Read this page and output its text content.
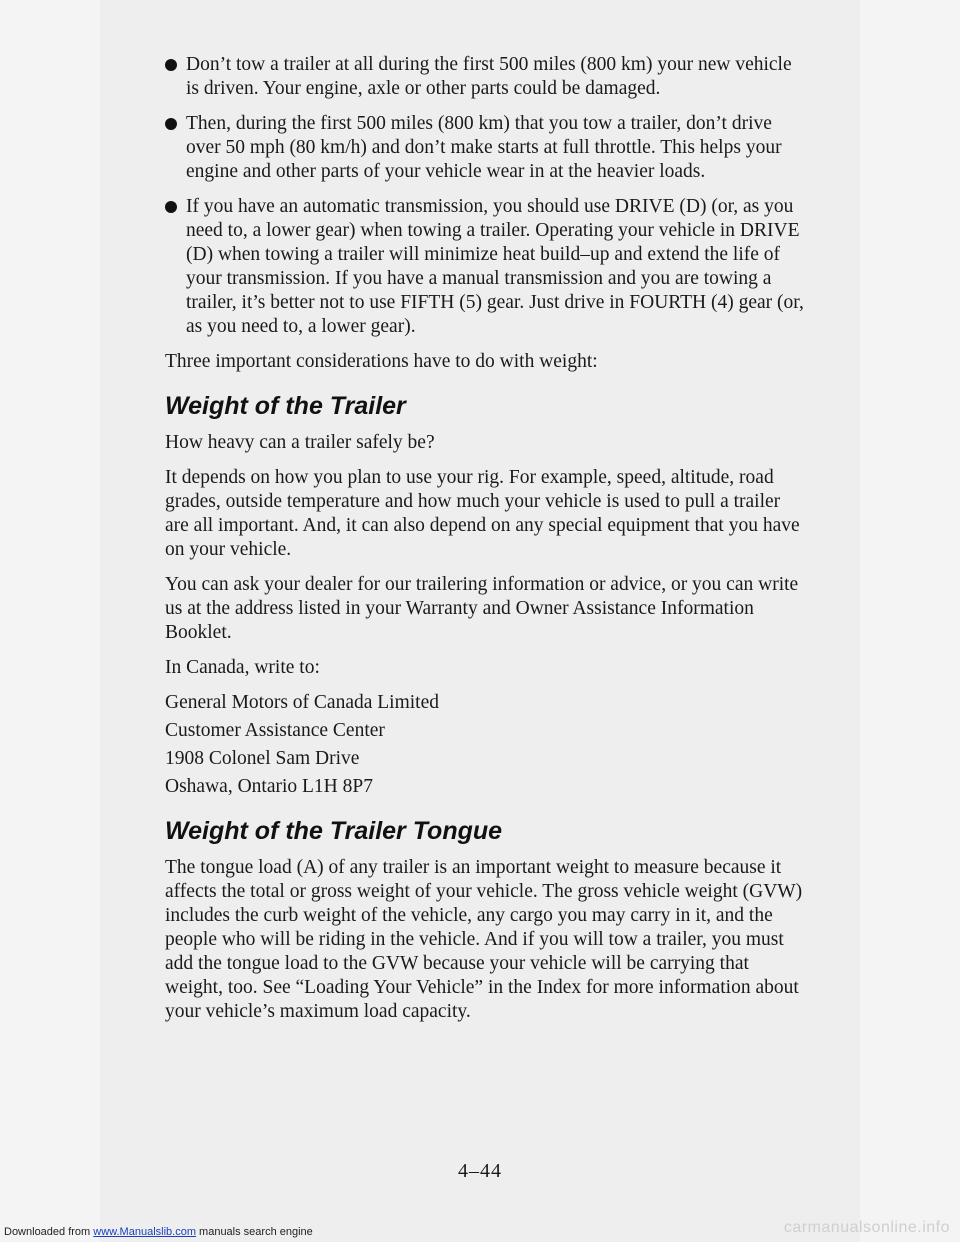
Don’t tow a trailer at all during the first 500 miles (800 km) your new vehicle is driven. Your engine, axle or other parts could be damaged.
Then, during the first 500 miles (800 km) that you tow a trailer, don’t drive over 50 mph (80 km/h) and don’t make starts at full throttle. This helps your engine and other parts of your vehicle wear in at the heavier loads.
If you have an automatic transmission, you should use DRIVE (D) (or, as you need to, a lower gear) when towing a trailer. Operating your vehicle in DRIVE (D) when towing a trailer will minimize heat build–up and extend the life of your transmission. If you have a manual transmission and you are towing a trailer, it’s better not to use FIFTH (5) gear. Just drive in FOURTH (4) gear (or, as you need to, a lower gear).

Three important considerations have to do with weight:

Weight of the Trailer

How heavy can a trailer safely be?

It depends on how you plan to use your rig. For example, speed, altitude, road grades, outside temperature and how much your vehicle is used to pull a trailer are all important. And, it can also depend on any special equipment that you have on your vehicle.

You can ask your dealer for our trailering information or advice, or you can write us at the address listed in your Warranty and Owner Assistance Information Booklet.

In Canada, write to:

General Motors of Canada Limited
Customer Assistance Center
1908 Colonel Sam Drive
Oshawa, Ontario L1H 8P7
Weight of the Trailer Tongue

The tongue load (A) of any trailer is an important weight to measure because it affects the total or gross weight of your vehicle. The gross vehicle weight (GVW) includes the curb weight of the vehicle, any cargo you may carry in it, and the people who will be riding in the vehicle. And if you will tow a trailer, you must add the tongue load to the GVW because your vehicle will be carrying that weight, too. See “Loading Your Vehicle” in the Index for more information about your vehicle’s maximum load capacity.

4–44
Downloaded from www.Manualslib.com manuals search engine	carmanualsonline.info
